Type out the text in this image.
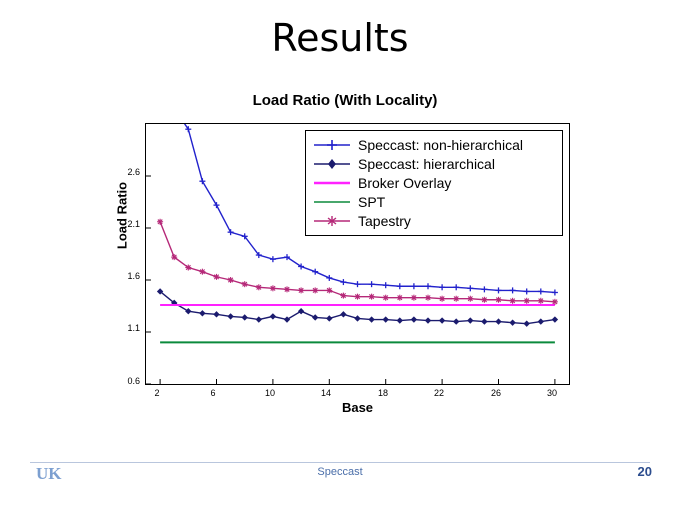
Results
Load Ratio (With Locality)
Load Ratio
Base
0.6
1.1
1.6
2.1
2.6
2	6	10	14	18	22	26	30
Speccast: non-hierarchical
Speccast: hierarchical
Broker Overlay
SPT
Tapestry
UK	Speccast	20
